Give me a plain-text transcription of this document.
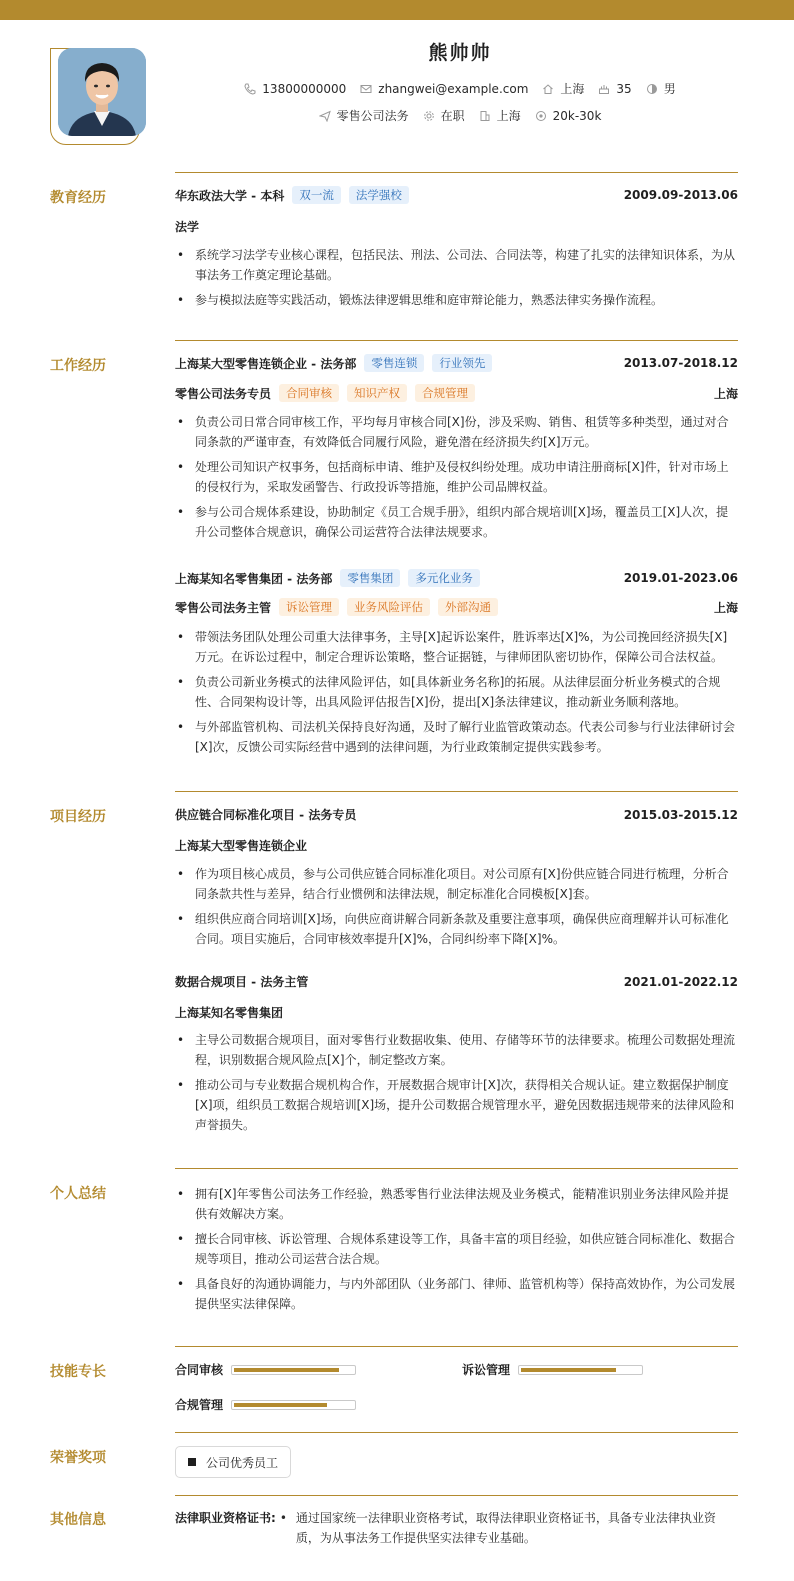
熊帅帅
13800000000	zhangwei@example.com	上海	35	男
零售公司法务	在职	上海	20k-30k
教育经历	华东政法大学 - 本科	双一流	法学强校	2009.09-2013.06
法学
• 系统学习法学专业核心课程，包括民法、刑法、公司法、合同法等，构建了扎实的法律知识体系，为从事法务工作奠定理论基础。
• 参与模拟法庭等实践活动，锻炼法律逻辑思维和庭审辩论能力，熟悉法律实务操作流程。
工作经历	上海某大型零售连锁企业 - 法务部	零售连锁	行业领先	2013.07-2018.12
零售公司法务专员	合同审核	知识产权	合规管理	上海
• 负责公司日常合同审核工作，平均每月审核合同[X]份，涉及采购、销售、租赁等多种类型，通过对合同条款的严谨审查，有效降低合同履行风险，避免潜在经济损失约[X]万元。
• 处理公司知识产权事务，包括商标申请、维护及侵权纠纷处理。成功申请注册商标[X]件，针对市场上的侵权行为，采取发函警告、行政投诉等措施，维护公司品牌权益。
• 参与公司合规体系建设，协助制定《员工合规手册》，组织内部合规培训[X]场，覆盖员工[X]人次，提升公司整体合规意识，确保公司运营符合法律法规要求。
上海某知名零售集团 - 法务部	零售集团	多元化业务	2019.01-2023.06
零售公司法务主管	诉讼管理	业务风险评估	外部沟通	上海
• 带领法务团队处理公司重大法律事务，主导[X]起诉讼案件，胜诉率达[X]%，为公司挽回经济损失[X]万元。在诉讼过程中，制定合理诉讼策略，整合证据链，与律师团队密切协作，保障公司合法权益。
• 负责公司新业务模式的法律风险评估，如[具体新业务名称]的拓展。从法律层面分析业务模式的合规性、合同架构设计等，出具风险评估报告[X]份，提出[X]条法律建议，推动新业务顺利落地。
• 与外部监管机构、司法机关保持良好沟通，及时了解行业监管政策动态。代表公司参与行业法律研讨会[X]次，反馈公司实际经营中遇到的法律问题，为行业政策制定提供实践参考。
项目经历	供应链合同标准化项目 - 法务专员	2015.03-2015.12
上海某大型零售连锁企业
• 作为项目核心成员，参与公司供应链合同标准化项目。对公司原有[X]份供应链合同进行梳理，分析合同条款共性与差异，结合行业惯例和法律法规，制定标准化合同模板[X]套。
• 组织供应商合同培训[X]场，向供应商讲解合同新条款及重要注意事项，确保供应商理解并认可标准化合同。项目实施后，合同审核效率提升[X]%，合同纠纷率下降[X]%。
数据合规项目 - 法务主管	2021.01-2022.12
上海某知名零售集团
• 主导公司数据合规项目，面对零售行业数据收集、使用、存储等环节的法律要求。梳理公司数据处理流程，识别数据合规风险点[X]个，制定整改方案。
• 推动公司与专业数据合规机构合作，开展数据合规审计[X]次，获得相关合规认证。建立数据保护制度[X]项，组织员工数据合规培训[X]场，提升公司数据合规管理水平，避免因数据违规带来的法律风险和声誉损失。
个人总结	• 拥有[X]年零售公司法务工作经验，熟悉零售行业法律法规及业务模式，能精准识别业务法律风险并提供有效解决方案。
• 擅长合同审核、诉讼管理、合规体系建设等工作，具备丰富的项目经验，如供应链合同标准化、数据合规等项目，推动公司运营合法合规。
• 具备良好的沟通协调能力，与内外部团队（业务部门、律师、监管机构等）保持高效协作，为公司发展提供坚实法律保障。
技能专长	合同审核	诉讼管理
合规管理
荣誉奖项	公司优秀员工
其他信息	法律职业资格证书:	• 通过国家统一法律职业资格考试，取得法律职业资格证书，具备专业法律执业资质，为从事法务工作提供坚实法律专业基础。
